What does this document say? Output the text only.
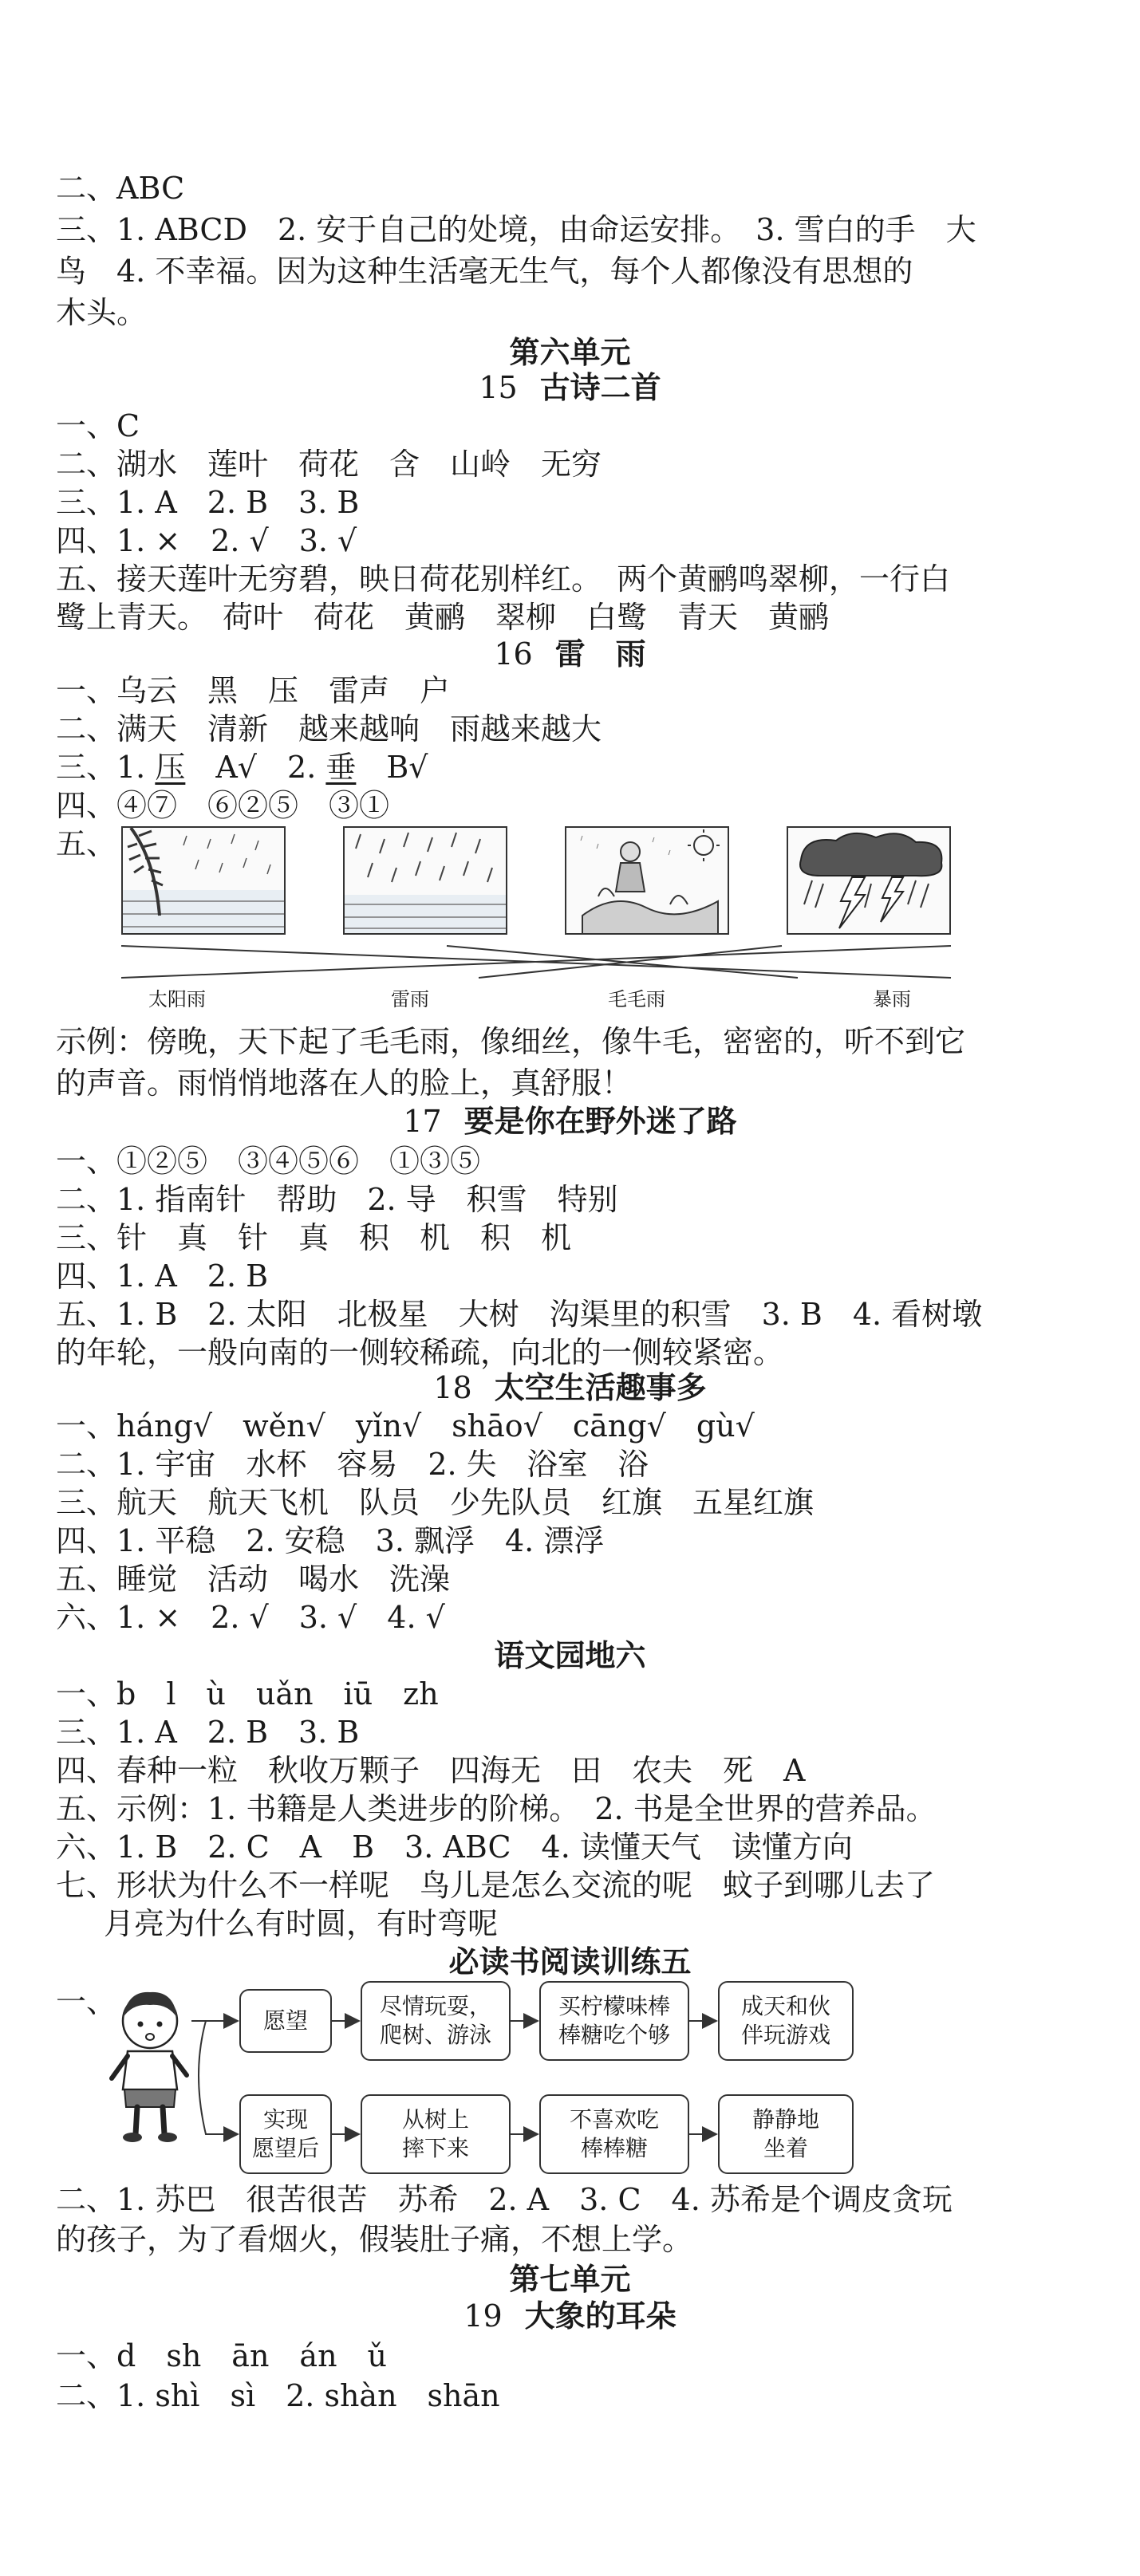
二、ABC
三、1. ABCD　2. 安于自己的处境，由命运安排。　3. 雪白的手　大
鸟　4. 不幸福。因为这种生活毫无生气，每个人都像没有思想的
木头。
第六单元
15 古诗二首
一、C
二、湖水　莲叶　荷花　含　山岭　无穷
三、1. A　2. B　3. B
四、1. ×　2. √　3. √
五、接天莲叶无穷碧，映日荷花别样红。　两个黄鹂鸣翠柳，一行白
鹭上青天。　荷叶　荷花　黄鹂　翠柳　白鹭　青天　黄鹂
16 雷　雨
一、乌云　黑　压　雷声　户
二、满天　清新　越来越响　雨越来越大
三、1. 压　A√　2. 垂　B√
四、④⑦　⑥②⑤　③①
五、
太阳雨	雷雨	毛毛雨	暴雨
示例：傍晚，天下起了毛毛雨，像细丝，像牛毛，密密的，听不到它
的声音。雨悄悄地落在人的脸上，真舒服！
17 要是你在野外迷了路
一、①②⑤　③④⑤⑥　①③⑤
二、1. 指南针　帮助　2. 导　积雪　特别
三、针　真　针　真　积　机　积　机
四、1. A　2. B
五、1. B　2. 太阳　北极星　大树　沟渠里的积雪　3. B　4. 看树墩
的年轮，一般向南的一侧较稀疏，向北的一侧较紧密。
18 太空生活趣事多
一、háng√　wěn√　yǐn√　shāo√　cāng√　gù√
二、1. 宇宙　水杯　容易　2. 失　浴室　浴
三、航天　航天飞机　队员　少先队员　红旗　五星红旗
四、1. 平稳　2. 安稳　3. 飘浮　4. 漂浮
五、睡觉　活动　喝水　洗澡
六、1. ×　2. √　3. √　4. √
语文园地六
一、b　l　ù　uǎn　iū　zh
三、1. A　2. B　3. B
四、春种一粒　秋收万颗子　四海无　田　农夫　死　A
五、示例：1. 书籍是人类进步的阶梯。　2. 书是全世界的营养品。
六、1. B　2. C　A　B　3. ABC　4. 读懂天气　读懂方向
七、形状为什么不一样呢　鸟儿是怎么交流的呢　蚊子到哪儿去了
月亮为什么有时圆，有时弯呢
必读书阅读训练五
一、
愿望
尽情玩耍，
爬树、游泳
买柠檬味棒
棒糖吃个够
成天和伙
伴玩游戏
实现
愿望后
从树上
摔下来
不喜欢吃
棒棒糖
静静地
坐着
二、1. 苏巴　很苦很苦　苏希　2. A　3. C　4. 苏希是个调皮贪玩
的孩子，为了看烟火，假装肚子痛，不想上学。
第七单元
19 大象的耳朵
一、d　sh　ān　án　ǔ
二、1. shì　sì　2. shàn　shān
